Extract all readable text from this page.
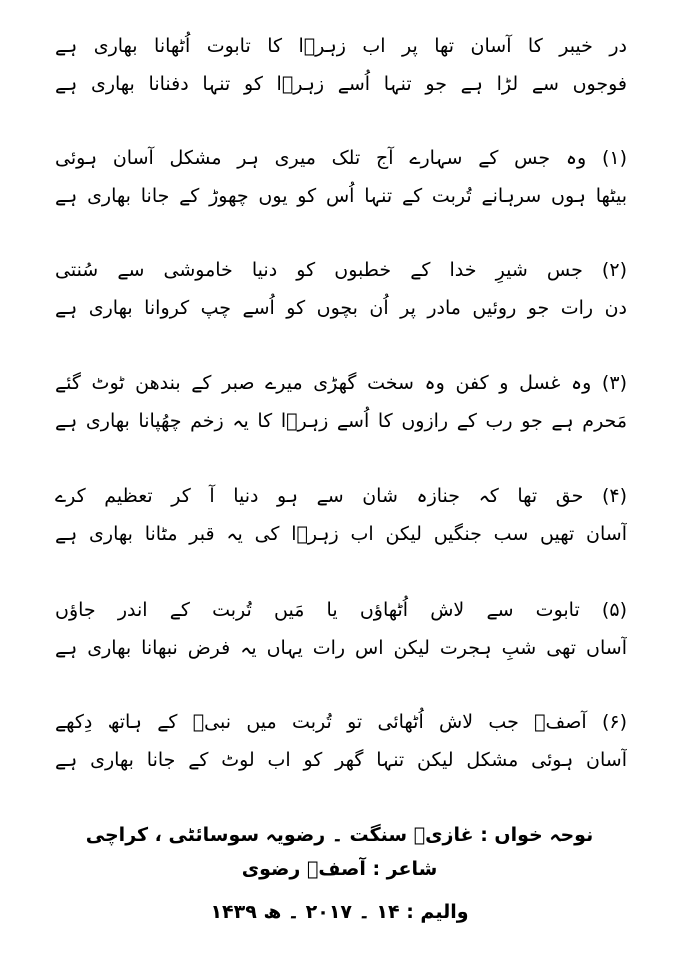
در خیبر کا آسان تھا پر اب زہرؑا کا تابوت اُٹھانا بھاری ہے
فوجوں سے لڑا ہے جو تنہا اُسے زہرؑا کو تنہا دفنانا بھاری ہے
(۱) وہ جس کے سہارے آج تلک میری ہر مشکل آسان ہوئی
بیٹھا ہوں سرہانے تُربت کے تنہا اُس کو یوں چھوڑ کے جانا بھاری ہے
(۲) جس شیرِ خدا کے خطبوں کو دنیا خاموشی سے سُنتی
دن رات جو روئیں مادر پر اُن بچوں کو اُسے چپ کروانا بھاری ہے
(۳) وہ غسل و کفن وہ سخت گھڑی میرے صبر کے بندھن ٹوٹ گئے
مَحرم ہے جو رب کے رازوں کا اُسے زہرؑا کا یہ زخم چھُپانا بھاری ہے
(۴) حق تھا کہ جنازہ شان سے ہو دنیا آ کر تعظیم کرے
آسان تھیں سب جنگیں لیکن اب زہرؑا کی یہ قبر مٹانا بھاری ہے
(۵) تابوت سے لاش اُٹھاؤں یا مَیں تُربت کے اندر جاؤں
آساں تھی شبِ ہجرت لیکن اس رات یہاں یہ فرض نبھانا بھاری ہے
(۶) آصفؔ جب لاش اُٹھائی تو تُربت میں نبیؐ کے ہاتھ دِکھے
آسان ہوئی مشکل لیکن تنہا گھر کو اب لوٹ کے جانا بھاری ہے
نوحہ خواں : غازیؒ سنگت ۔ رضویہ سوسائٹی ، کراچی
شاعر : آصفؔ رضوی
والیم : ۱۴ ۔ ۲۰۱۷ ۔ ھ ۱۴۳۹
